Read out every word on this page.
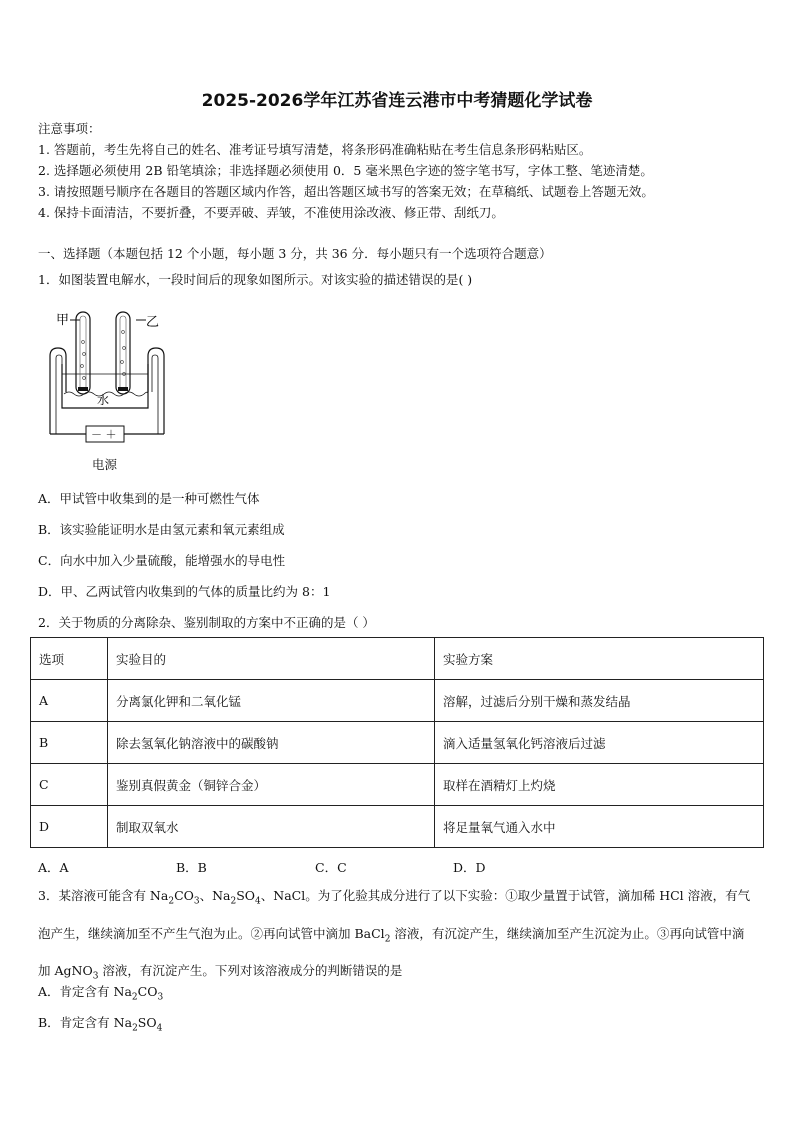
2025-2026学年江苏省连云港市中考猜题化学试卷
注意事项：
1. 答题前，考生先将自己的姓名、准考证号填写清楚，将条形码准确粘贴在考生信息条形码粘贴区。
2. 选择题必须使用 2B 铅笔填涂；非选择题必须使用 0．5 毫米黑色字迹的签字笔书写，字体工整、笔迹清楚。
3. 请按照题号顺序在各题目的答题区域内作答，超出答题区域书写的答案无效；在草稿纸、试题卷上答题无效。
4. 保持卡面清洁，不要折叠，不要弄破、弄皱，不准使用涂改液、修正带、刮纸刀。
一、选择题（本题包括 12 个小题，每小题 3 分，共 36 分．每小题只有一个选项符合题意）
1．如图装置电解水，一段时间后的现象如图所示。对该实验的描述错误的是( )
甲	乙
水
－ ＋
电源
A．甲试管中收集到的是一种可燃性气体
B．该实验能证明水是由氢元素和氧元素组成
C．向水中加入少量硫酸，能增强水的导电性
D．甲、乙两试管内收集到的气体的质量比约为 8：1
2．关于物质的分离除杂、鉴别制取的方案中不正确的是（ ）
选项	实验目的	实验方案
A	分离氯化钾和二氧化锰	溶解，过滤后分别干燥和蒸发结晶
B	除去氢氧化钠溶液中的碳酸钠	滴入适量氢氧化钙溶液后过滤
C	鉴别真假黄金（铜锌合金）	取样在酒精灯上灼烧
D	制取双氧水	将足量氧气通入水中
A．A	B．B	C．C	D．D
3．某溶液可能含有 $Na_2CO_3$、$Na_2SO_4$、NaCl。为了化验其成分进行了以下实验：①取少量置于试管，滴加稀 HCl 溶液，有气泡产生，继续滴加至不产生气泡为止。②再向试管中滴加 BaCl$_2$ 溶液，有沉淀产生，继续滴加至产生沉淀为止。③再向试管中滴加 AgNO$_3$ 溶液，有沉淀产生。下列对该溶液成分的判断错误的是
A．肯定含有 $Na_2CO_3$
B．肯定含有 $Na_2SO_4$
